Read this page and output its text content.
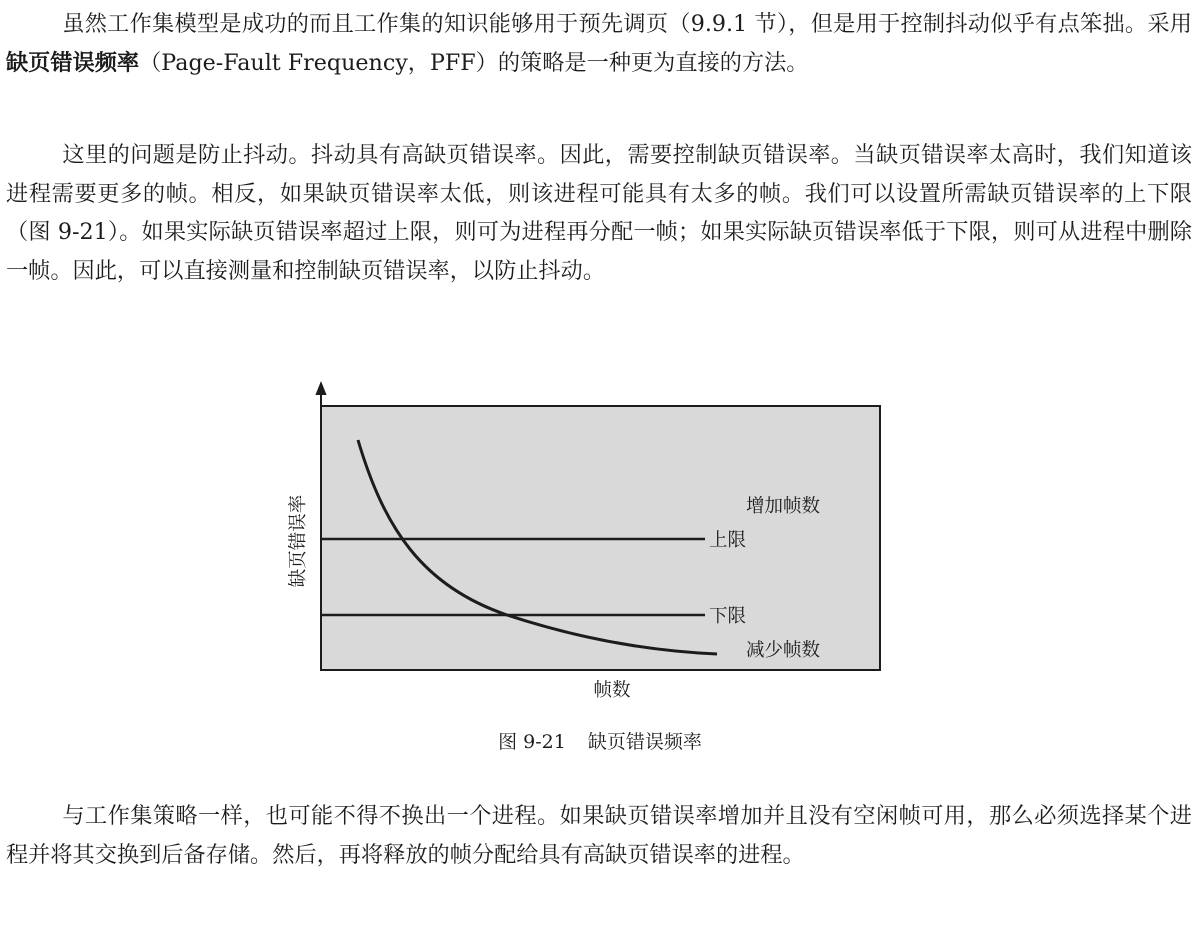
虽然工作集模型是成功的而且工作集的知识能够用于预先调页（9.9.1 节），但是用于控制抖动似乎有点笨拙。采用缺页错误频率（Page-Fault Frequency，PFF）的策略是一种更为直接的方法。

这里的问题是防止抖动。抖动具有高缺页错误率。因此，需要控制缺页错误率。当缺页错误率太高时，我们知道该进程需要更多的帧。相反，如果缺页错误率太低，则该进程可能具有太多的帧。我们可以设置所需缺页错误率的上下限（图 9-21）。如果实际缺页错误率超过上限，则可为进程再分配一帧；如果实际缺页错误率低于下限，则可从进程中删除一帧。因此，可以直接测量和控制缺页错误率，以防止抖动。

增加帧数
上限
下限
减少帧数
缺页错误率
帧数
图 9-21 缺页错误频率

与工作集策略一样，也可能不得不换出一个进程。如果缺页错误率增加并且没有空闲帧可用，那么必须选择某个进程并将其交换到后备存储。然后，再将释放的帧分配给具有高缺页错误率的进程。
